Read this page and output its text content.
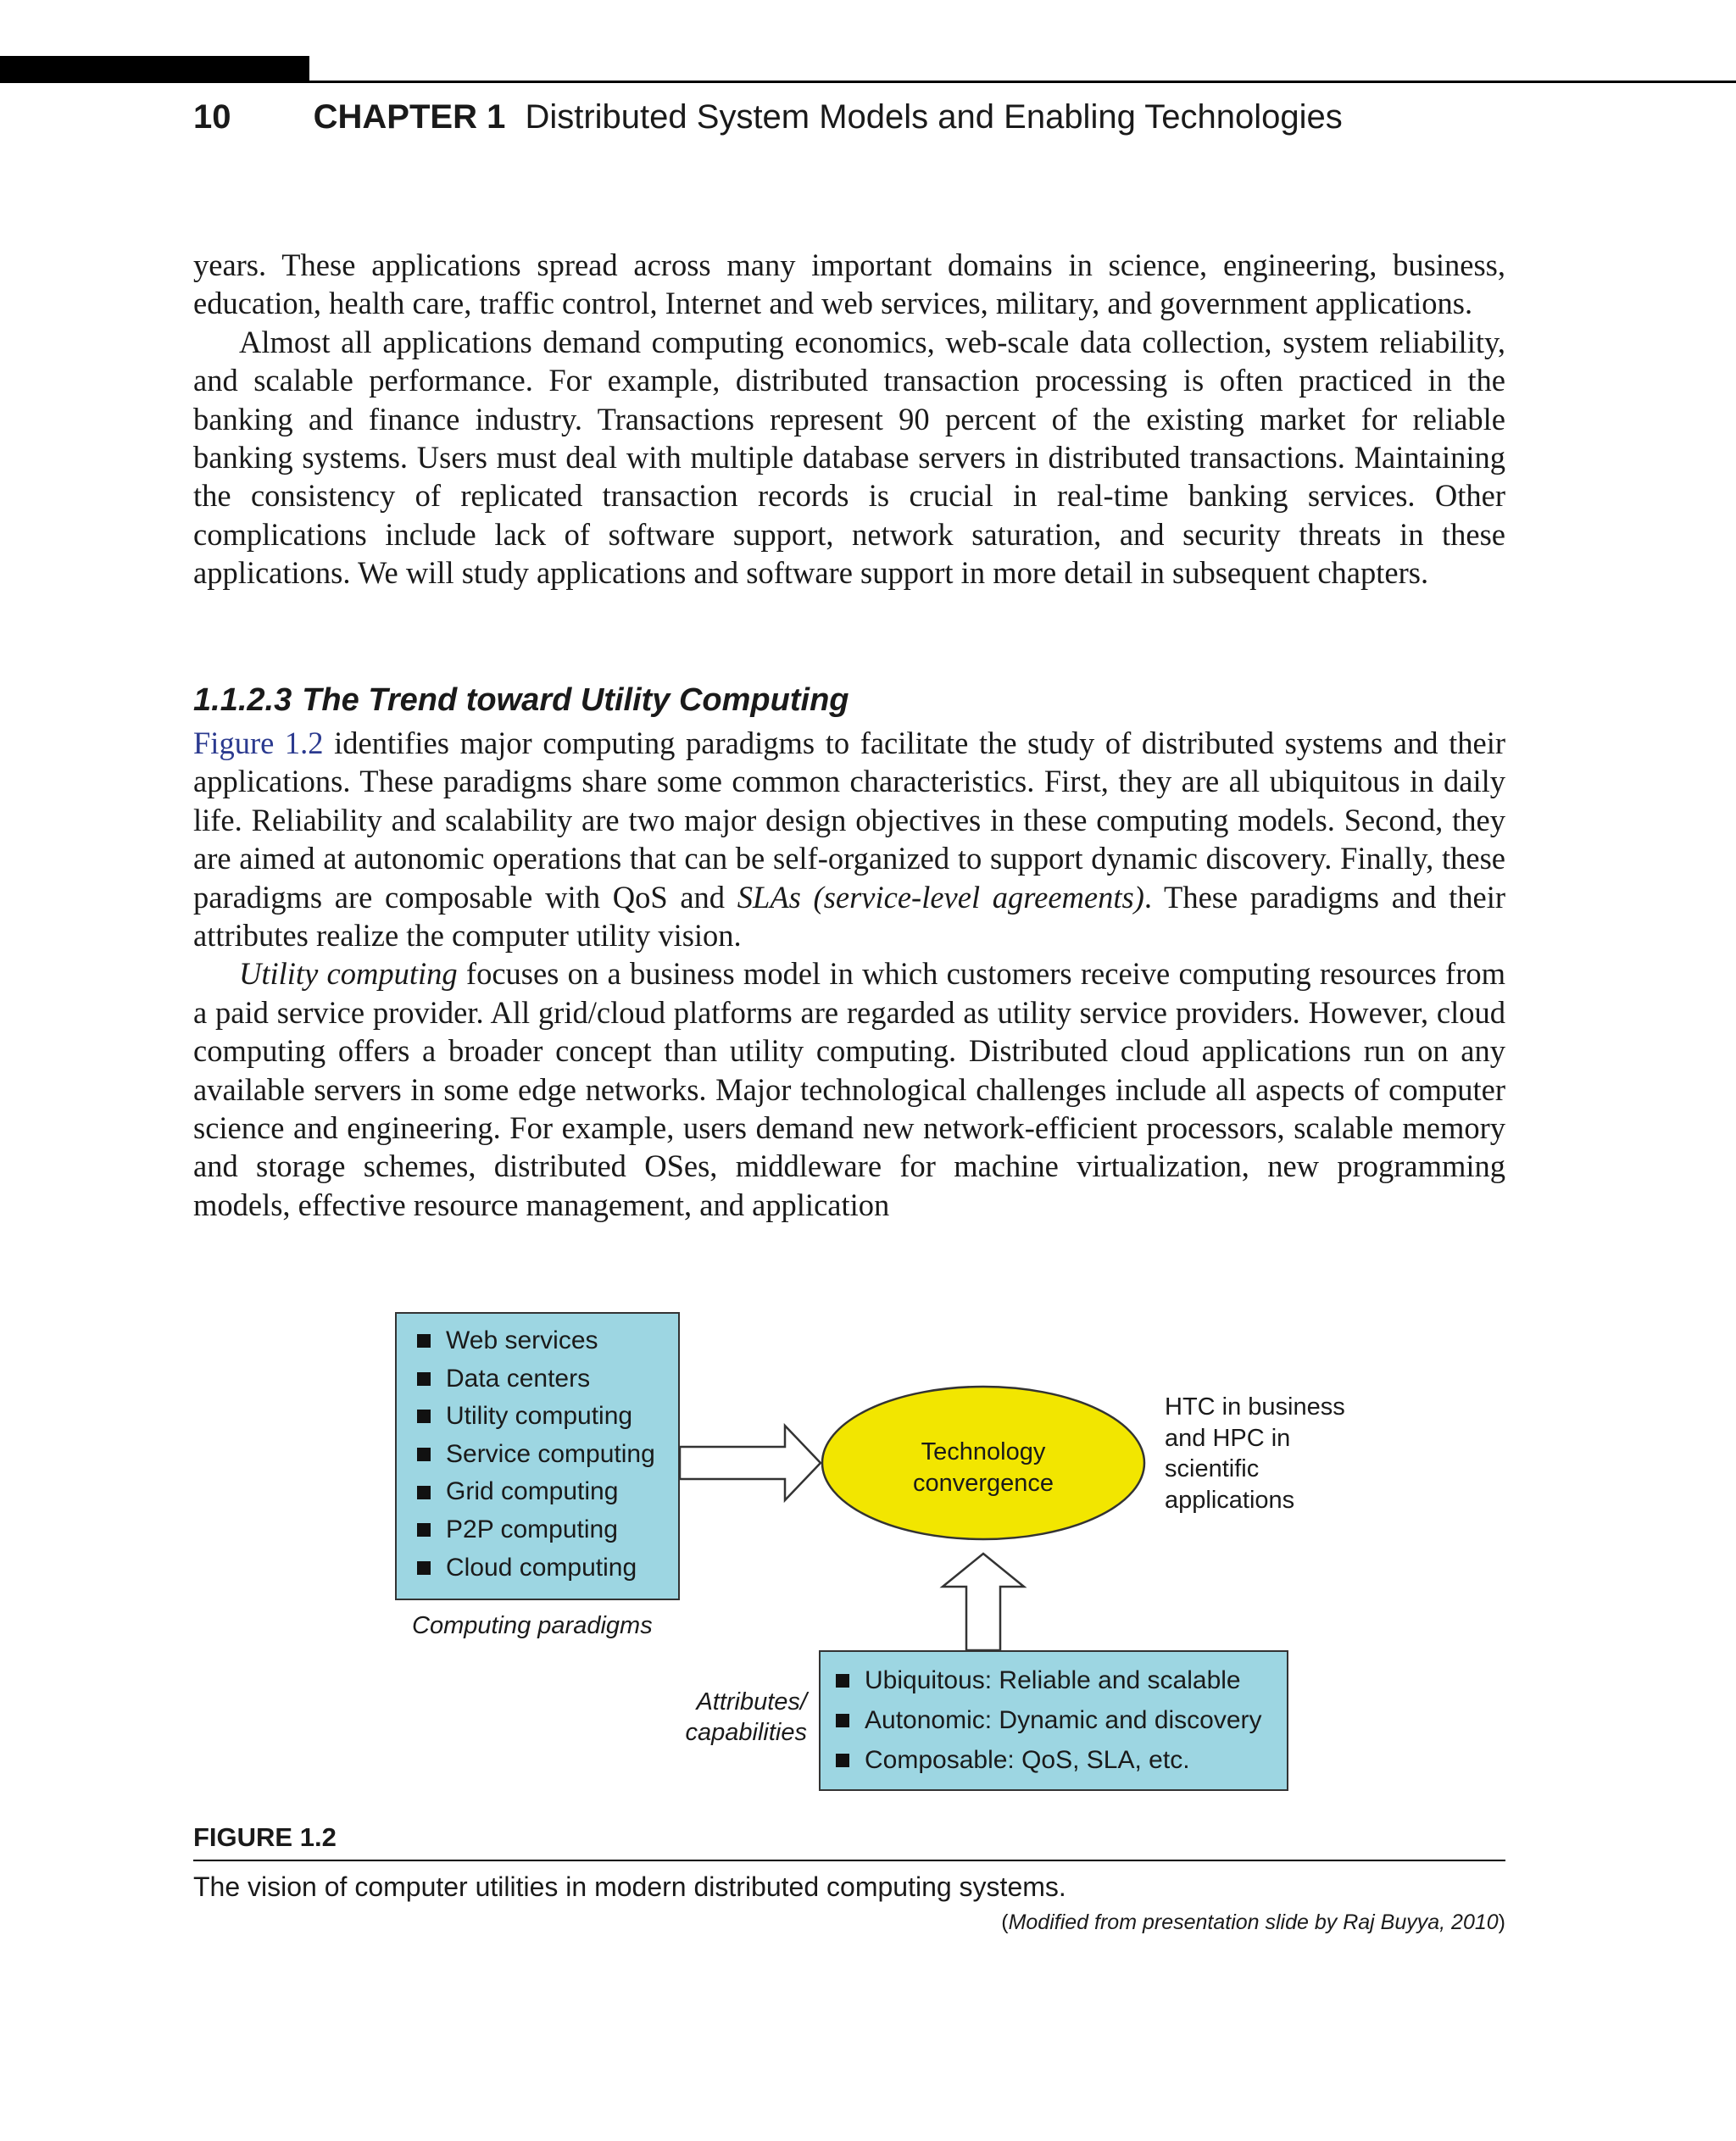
10 CHAPTER 1 Distributed System Models and Enabling Technologies

years. These applications spread across many important domains in science, engineering, business, education, health care, traffic control, Internet and web services, military, and government applications.

Almost all applications demand computing economics, web-scale data collection, system reliability, and scalable performance. For example, distributed transaction processing is often practiced in the banking and finance industry. Transactions represent 90 percent of the existing market for reliable banking systems. Users must deal with multiple database servers in distributed transactions. Maintaining the consistency of replicated transaction records is crucial in real-time banking services. Other complications include lack of software support, network saturation, and security threats in these applications. We will study applications and software support in more detail in subsequent chapters.

1.1.2.3 The Trend toward Utility Computing

Figure 1.2 identifies major computing paradigms to facilitate the study of distributed systems and their applications. These paradigms share some common characteristics. First, they are all ubiquitous in daily life. Reliability and scalability are two major design objectives in these computing models. Second, they are aimed at autonomic operations that can be self-organized to support dynamic discovery. Finally, these paradigms are composable with QoS and SLAs (service-level agreements). These paradigms and their attributes realize the computer utility vision.

Utility computing focuses on a business model in which customers receive computing resources from a paid service provider. All grid/cloud platforms are regarded as utility service providers. However, cloud computing offers a broader concept than utility computing. Distributed cloud applications run on any available servers in some edge networks. Major technological challenges include all aspects of computer science and engineering. For example, users demand new network-efficient processors, scalable memory and storage schemes, distributed OSes, middleware for machine virtualization, new programming models, effective resource management, and application

Web services
Data centers
Utility computing
Service computing
Grid computing
P2P computing
Cloud computing
Technology convergence
HTC in business and HPC in scientific applications
Computing paradigms
Attributes/ capabilities
Ubiquitous: Reliable and scalable
Autonomic: Dynamic and discovery
Composable: QoS, SLA, etc.
FIGURE 1.2
The vision of computer utilities in modern distributed computing systems.
(Modified from presentation slide by Raj Buyya, 2010)
